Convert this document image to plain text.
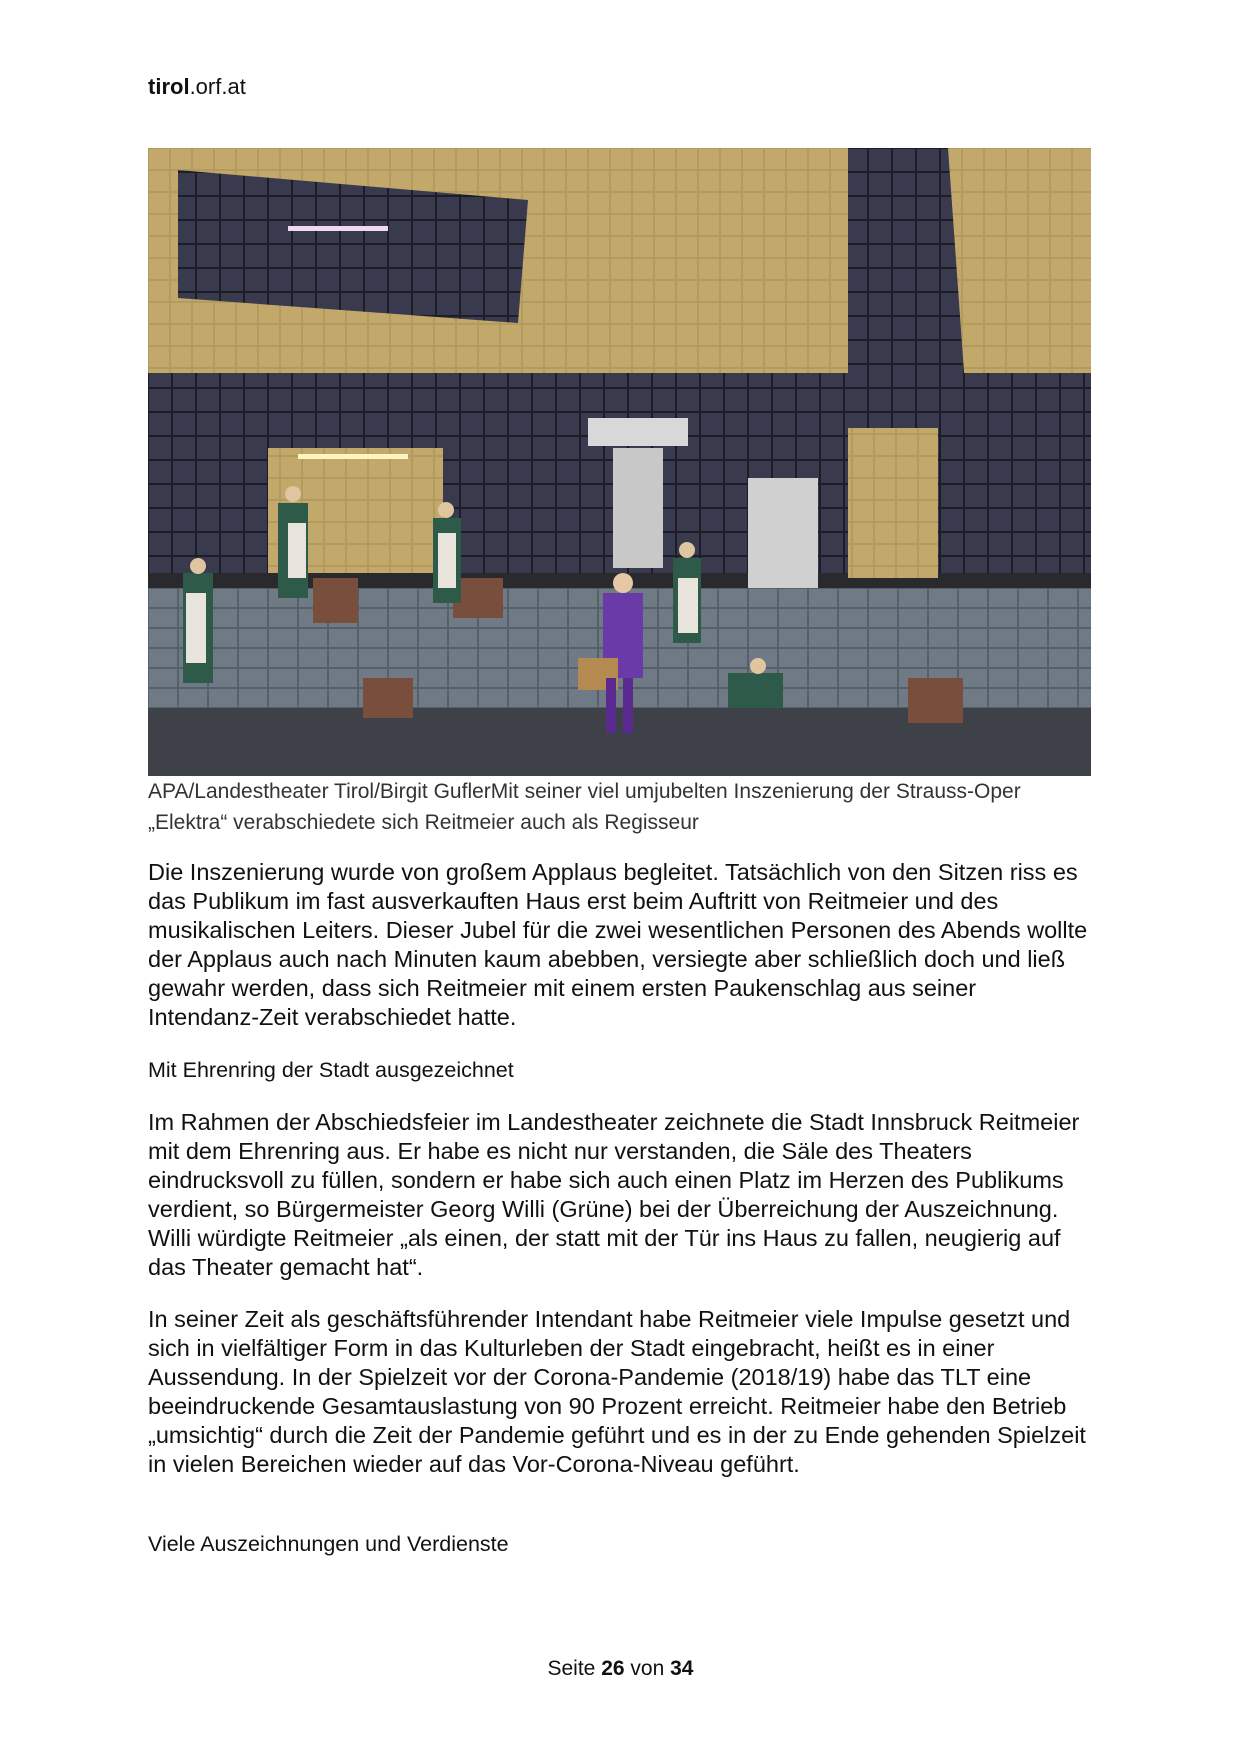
tirol.orf.at
APA/Landestheater Tirol/Birgit GuflerMit seiner viel umjubelten Inszenierung der Strauss-Oper „Elektra“ verabschiedete sich Reitmeier auch als Regisseur
Die Inszenierung wurde von großem Applaus begleitet. Tatsächlich von den Sitzen riss es das Publikum im fast ausverkauften Haus erst beim Auftritt von Reitmeier und des musikalischen Leiters. Dieser Jubel für die zwei wesentlichen Personen des Abends wollte der Applaus auch nach Minuten kaum abebben, versiegte aber schließlich doch und ließ gewahr werden, dass sich Reitmeier mit einem ersten Paukenschlag aus seiner Intendanz-Zeit verabschiedet hatte.
Mit Ehrenring der Stadt ausgezeichnet
Im Rahmen der Abschiedsfeier im Landestheater zeichnete die Stadt Innsbruck Reitmeier mit dem Ehrenring aus. Er habe es nicht nur verstanden, die Säle des Theaters eindrucksvoll zu füllen, sondern er habe sich auch einen Platz im Herzen des Publikums verdient, so Bürgermeister Georg Willi (Grüne) bei der Überreichung der Auszeichnung. Willi würdigte Reitmeier „als einen, der statt mit der Tür ins Haus zu fallen, neugierig auf das Theater gemacht hat“.
In seiner Zeit als geschäftsführender Intendant habe Reitmeier viele Impulse gesetzt und sich in vielfältiger Form in das Kulturleben der Stadt eingebracht, heißt es in einer Aussendung. In der Spielzeit vor der Corona-Pandemie (2018/19) habe das TLT eine beeindruckende Gesamtauslastung von 90 Prozent erreicht. Reitmeier habe den Betrieb „umsichtig“ durch die Zeit der Pandemie geführt und es in der zu Ende gehenden Spielzeit in vielen Bereichen wieder auf das Vor-Corona-Niveau geführt.
Viele Auszeichnungen und Verdienste
Seite 26 von 34
